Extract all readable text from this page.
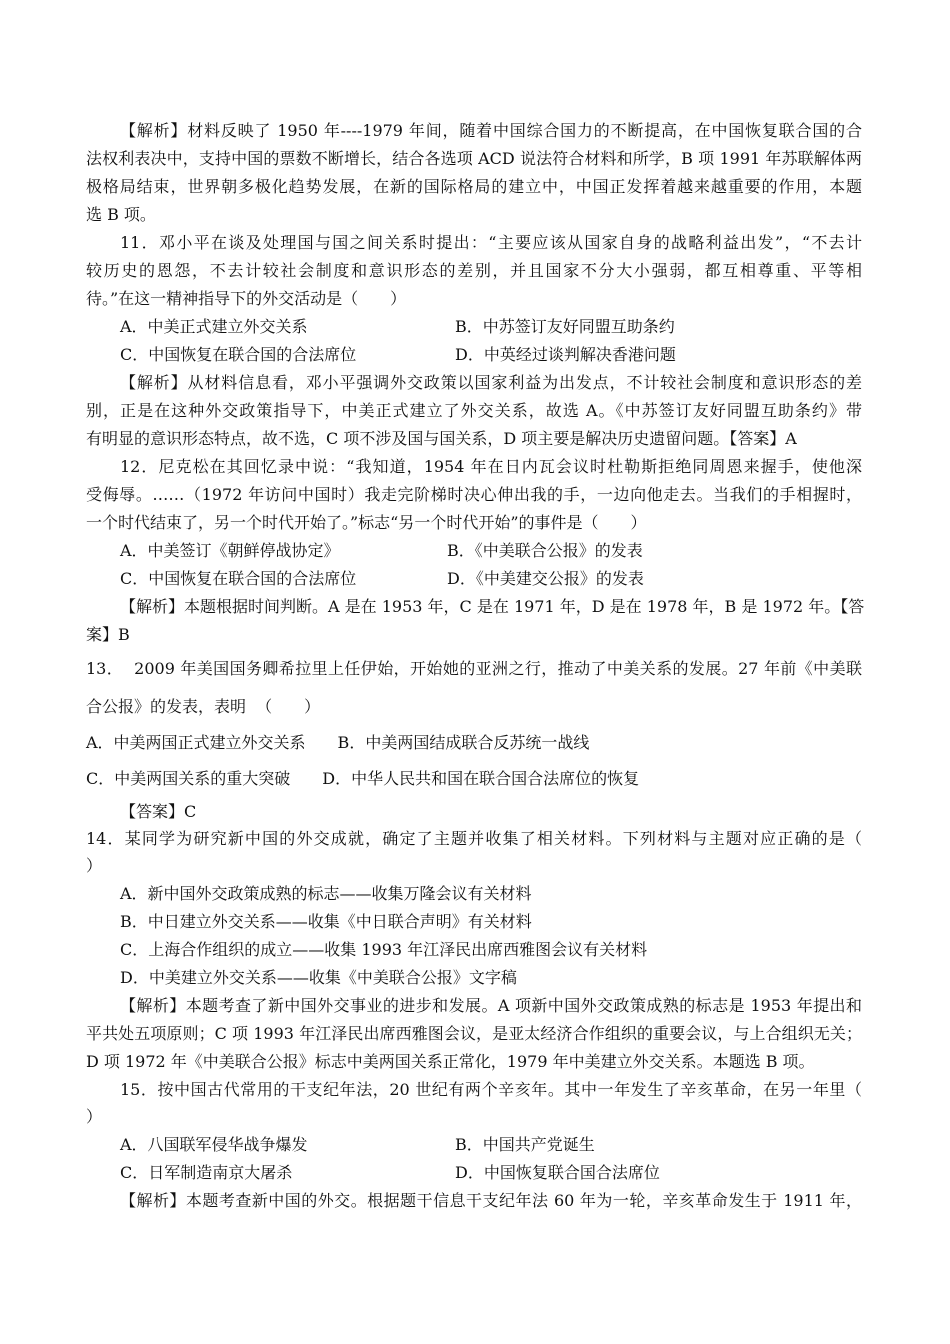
【解析】材料反映了 1950 年----1979 年间，随着中国综合国力的不断提高，在中国恢复联合国的合
法权利表决中，支持中国的票数不断增长，结合各选项 ACD 说法符合材料和所学，B 项 1991 年苏联解体两
极格局结束，世界朝多极化趋势发展，在新的国际格局的建立中，中国正发挥着越来越重要的作用，本题
选 B 项。
11．邓小平在谈及处理国与国之间关系时提出：“主要应该从国家自身的战略利益出发”，“不去计
较历史的恩怨，不去计较社会制度和意识形态的差别，并且国家不分大小强弱，都互相尊重、平等相
待。”在这一精神指导下的外交活动是（　　）
A．中美正式建立外交关系	B．中苏签订友好同盟互助条约
C．中国恢复在联合国的合法席位	D．中英经过谈判解决香港问题
【解析】从材料信息看，邓小平强调外交政策以国家利益为出发点，不计较社会制度和意识形态的差
别，正是在这种外交政策指导下，中美正式建立了外交关系，故选 A。《中苏签订友好同盟互助条约》带
有明显的意识形态特点，故不选，C 项不涉及国与国关系，D 项主要是解决历史遗留问题。【答案】A
12．尼克松在其回忆录中说：“我知道，1954 年在日内瓦会议时杜勒斯拒绝同周恩来握手，使他深
受侮辱。……（1972 年访问中国时）我走完阶梯时决心伸出我的手，一边向他走去。当我们的手相握时，
一个时代结束了，另一个时代开始了。”标志“另一个时代开始”的事件是（　　）
A．中美签订《朝鲜停战协定》	B．《中美联合公报》的发表
C．中国恢复在联合国的合法席位	D．《中美建交公报》的发表
【解析】本题根据时间判断。A 是在 1953 年，C 是在 1971 年，D 是在 1978 年，B 是 1972 年。【答
案】B
13．  2009 年美国国务卿希拉里上任伊始，开始她的亚洲之行，推动了中美关系的发展。27 年前《中美联
合公报》的发表，表明  （　　）
A．中美两国正式建立外交关系　　B．中美两国结成联合反苏统一战线
C．中美两国关系的重大突破　　D．中华人民共和国在联合国合法席位的恢复
【答案】C
14．某同学为研究新中国的外交成就，确定了主题并收集了相关材料。下列材料与主题对应正确的是（
）
A．新中国外交政策成熟的标志——收集万隆会议有关材料
B．中日建立外交关系——收集《中日联合声明》有关材料
C．上海合作组织的成立——收集 1993 年江泽民出席西雅图会议有关材料
D．中美建立外交关系——收集《中美联合公报》文字稿
【解析】本题考查了新中国外交事业的进步和发展。A 项新中国外交政策成熟的标志是 1953 年提出和
平共处五项原则；C 项 1993 年江泽民出席西雅图会议，是亚太经济合作组织的重要会议，与上合组织无关；
D 项 1972 年《中美联合公报》标志中美两国关系正常化，1979 年中美建立外交关系。本题选 B 项。
15．按中国古代常用的干支纪年法，20 世纪有两个辛亥年。其中一年发生了辛亥革命，在另一年里（
）
A．八国联军侵华战争爆发	B．中国共产党诞生
C．日军制造南京大屠杀	D．中国恢复联合国合法席位
【解析】本题考查新中国的外交。根据题干信息干支纪年法 60 年为一轮，辛亥革命发生于 1911 年，
